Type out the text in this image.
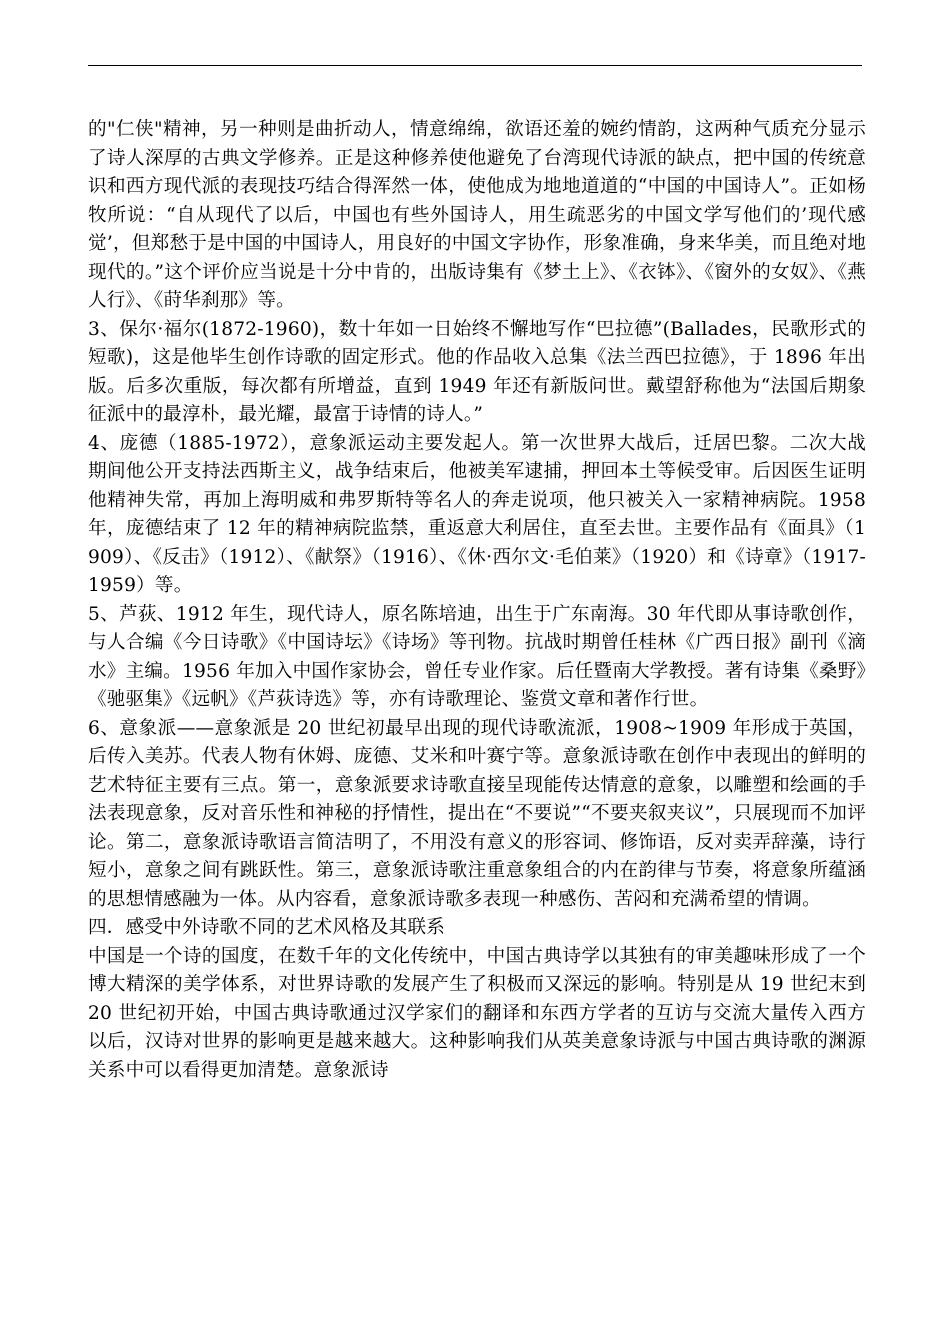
的"仁侠"精神，另一种则是曲折动人，情意绵绵，欲语还羞的婉约情韵，这两种气质充分显示了诗人深厚的古典文学修养。正是这种修养使他避免了台湾现代诗派的缺点，把中国的传统意识和西方现代派的表现技巧结合得浑然一体，使他成为地地道道的“中国的中国诗人”。正如杨牧所说：“自从现代了以后，中国也有些外国诗人，用生疏恶劣的中国文学写他们的’现代感觉’，但郑愁于是中国的中国诗人，用良好的中国文字协作，形象准确，身来华美，而且绝对地现代的。”这个评价应当说是十分中肯的，出版诗集有《梦土上》、《衣钵》、《窗外的女奴》、《燕人行》、《莳华刹那》等。

3、保尔·福尔(1872-1960)，数十年如一日始终不懈地写作“巴拉德”(Ballades，民歌形式的短歌)，这是他毕生创作诗歌的固定形式。他的作品收入总集《法兰西巴拉德》，于 1896 年出版。后多次重版，每次都有所增益，直到 1949 年还有新版问世。戴望舒称他为“法国后期象征派中的最淳朴，最光耀，最富于诗情的诗人。”

4、庞德（1885-1972），意象派运动主要发起人。第一次世界大战后，迁居巴黎。二次大战期间他公开支持法西斯主义，战争结束后，他被美军逮捕，押回本土等候受审。后因医生证明他精神失常，再加上海明威和弗罗斯特等名人的奔走说项，他只被关入一家精神病院。1958 年，庞德结束了 12 年的精神病院监禁，重返意大利居住，直至去世。主要作品有《面具》（1909）、《反击》（1912）、《献祭》（1916）、《休·西尔文·毛伯莱》（1920）和《诗章》（1917-1959）等。

5、芦荻、1912 年生，现代诗人，原名陈培迪，出生于广东南海。30 年代即从事诗歌创作，与人合编《今日诗歌》《中国诗坛》《诗场》等刊物。抗战时期曾任桂林《广西日报》副刊《滴水》主编。1956 年加入中国作家协会，曾任专业作家。后任暨南大学教授。著有诗集《桑野》《驰驱集》《远帆》《芦荻诗选》等，亦有诗歌理论、鉴赏文章和著作行世。

6、意象派——意象派是 20 世纪初最早出现的现代诗歌流派，1908~1909 年形成于英国，后传入美苏。代表人物有休姆、庞德、艾米和叶赛宁等。意象派诗歌在创作中表现出的鲜明的艺术特征主要有三点。第一，意象派要求诗歌直接呈现能传达情意的意象，以雕塑和绘画的手法表现意象，反对音乐性和神秘的抒情性，提出在“不要说”“不要夹叙夹议”，只展现而不加评论。第二，意象派诗歌语言简洁明了，不用没有意义的形容词、修饰语，反对卖弄辞藻，诗行短小，意象之间有跳跃性。第三，意象派诗歌注重意象组合的内在韵律与节奏，将意象所蕴涵的思想情感融为一体。从内容看，意象派诗歌多表现一种感伤、苦闷和充满希望的情调。

四．感受中外诗歌不同的艺术风格及其联系

中国是一个诗的国度，在数千年的文化传统中，中国古典诗学以其独有的审美趣味形成了一个博大精深的美学体系，对世界诗歌的发展产生了积极而又深远的影响。特别是从 19 世纪末到 20 世纪初开始，中国古典诗歌通过汉学家们的翻译和东西方学者的互访与交流大量传入西方以后，汉诗对世界的影响更是越来越大。这种影响我们从英美意象诗派与中国古典诗歌的渊源关系中可以看得更加清楚。意象派诗
